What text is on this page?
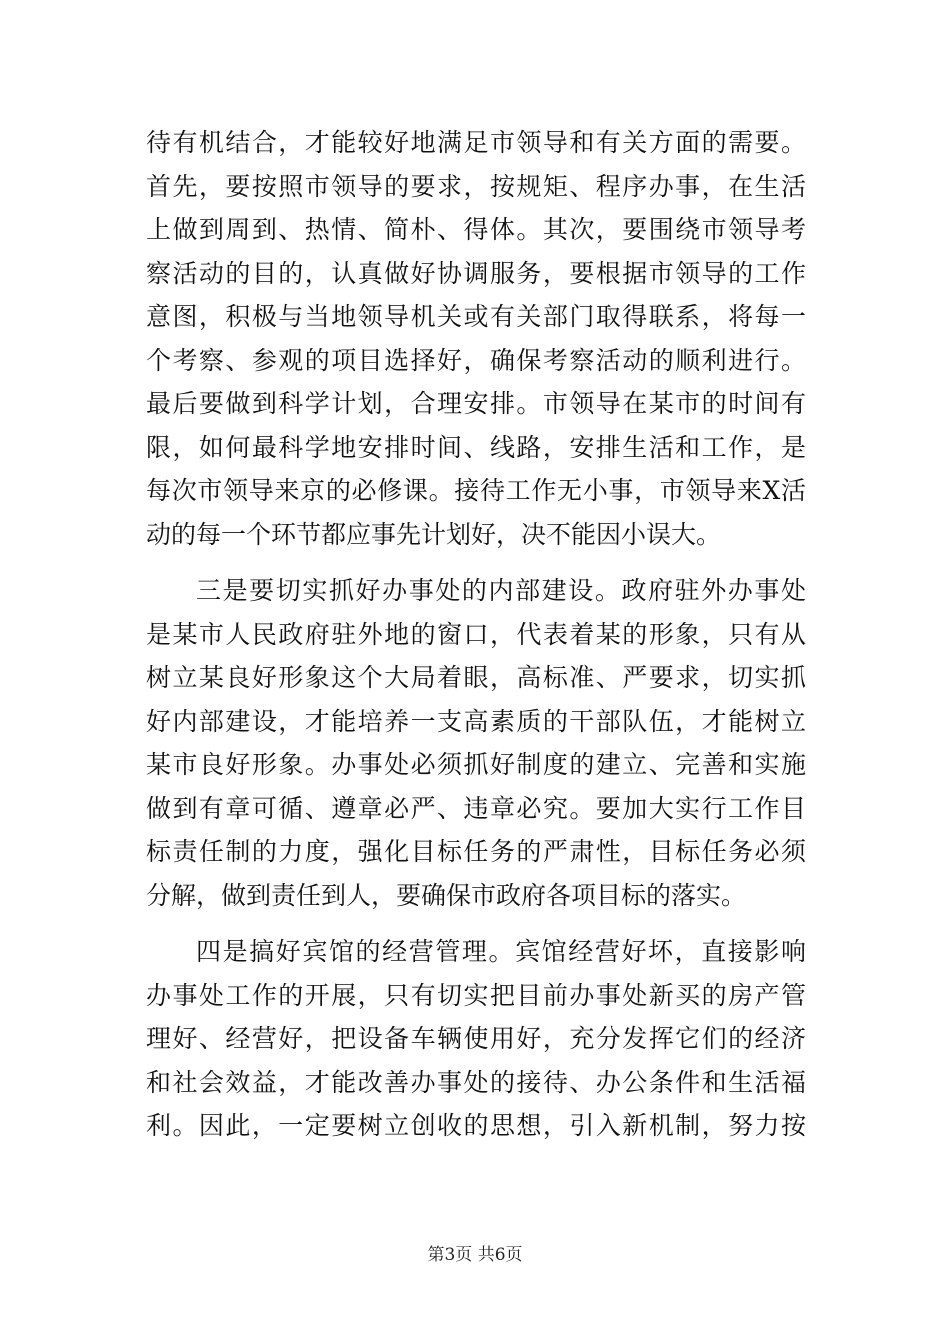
待有机结合，才能较好地满足市领导和有关方面的需要。
首先，要按照市领导的要求，按规矩、程序办事，在生活
上做到周到、热情、简朴、得体。其次，要围绕市领导考
察活动的目的，认真做好协调服务，要根据市领导的工作
意图，积极与当地领导机关或有关部门取得联系，将每一
个考察、参观的项目选择好，确保考察活动的顺利进行。
最后要做到科学计划，合理安排。市领导在某市的时间有
限，如何最科学地安排时间、线路，安排生活和工作，是
每次市领导来京的必修课。接待工作无小事，市领导来X活
动的每一个环节都应事先计划好，决不能因小误大。
三是要切实抓好办事处的内部建设。政府驻外办事处
是某市人民政府驻外地的窗口，代表着某的形象，只有从
树立某良好形象这个大局着眼，高标准、严要求，切实抓
好内部建设，才能培养一支高素质的干部队伍，才能树立
某市良好形象。办事处必须抓好制度的建立、完善和实施
做到有章可循、遵章必严、违章必究。要加大实行工作目
标责任制的力度，强化目标任务的严肃性，目标任务必须
分解，做到责任到人，要确保市政府各项目标的落实。
四是搞好宾馆的经营管理。宾馆经营好坏，直接影响
办事处工作的开展，只有切实把目前办事处新买的房产管
理好、经营好，把设备车辆使用好，充分发挥它们的经济
和社会效益，才能改善办事处的接待、办公条件和生活福
利。因此，一定要树立创收的思想，引入新机制，努力按
第3页 共6页
